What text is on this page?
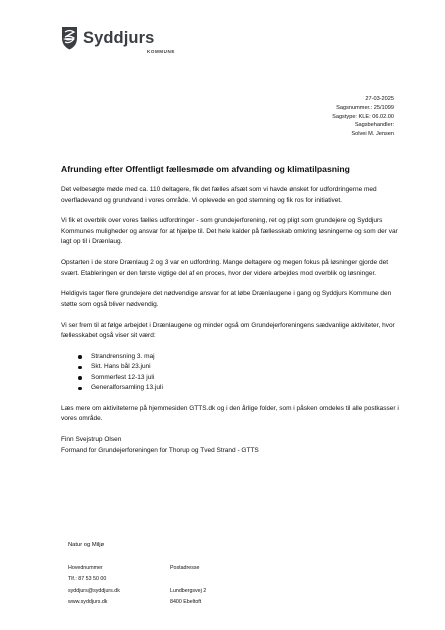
Syddjurs
KOMMUNE
27-03-2025
Sagsnummer.: 25/1099
Sagstype: KLE: 06.02.00
Sagsbehandler:
Solvei M. Jensen
Afrunding efter Offentligt fællesmøde om afvanding og klimatilpasning

Det velbesøgte møde med ca. 110 deltagere, fik det fælles afsæt som vi havde ønsket for udfordringerne med overfladevand og grundvand i vores område. Vi oplevede en god stemning og fik ros for initiativet.

Vi fik et overblik over vores fælles udfordringer - som grundejerforening, ret og pligt som grundejere og Syddjurs Kommunes muligheder og ansvar for at hjælpe til. Det hele kalder på fællesskab omkring løsningerne og som der var lagt op til i Drænlaug.

Opstarten i de store Drænlaug 2 og 3 var en udfordring. Mange deltagere og megen fokus på løsninger gjorde det svært. Etableringen er den første vigtige del af en proces, hvor der videre arbejdes mod overblik og løsninger.

Heldigvis tager flere grundejere det nødvendige ansvar for at løbe Drænlaugene i gang og Syddjurs Kommune den støtte som også bliver nødvendig.

Vi ser frem til at følge arbejdet i Drænlaugene og minder også om Grundejerforeningens sædvanlige aktiviteter, hvor fællesskabet også viser sit værd:

Strandrensning 3. maj
Skt. Hans bål 23.juni
Sommerfest 12-13 juli
Generalforsamling 13.juli

Læs mere om aktiviteterne på hjemmesiden GTTS.dk og i den årlige folder, som i påsken omdeles til alle postkasser i vores område.

Finn Svejstrup Olsen
Formand for Grundejerforeningen for Thorup og Tved Strand - GTTS
Natur og Miljø
Hovednummer
Tlf.: 87 53 50 00
syddjurs@syddjurs.dk
www.syddjurs.dk
Postadresse

Lundbergsvej 2
8400 Ebeltoft
